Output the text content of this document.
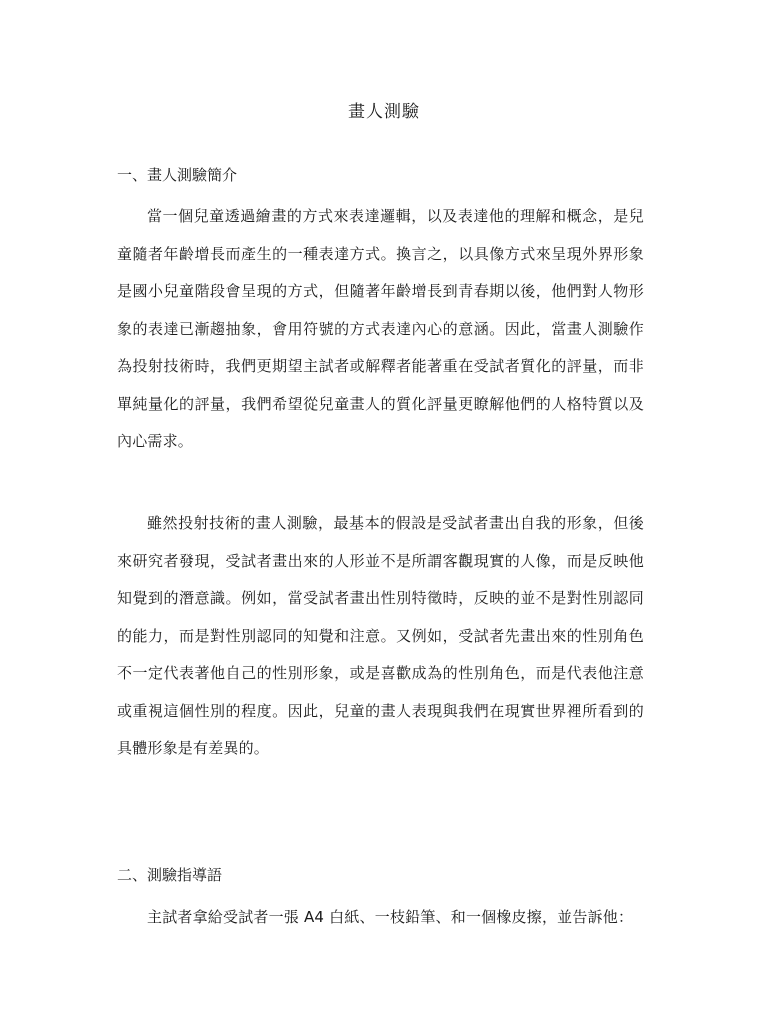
畫人測驗
一、畫人測驗簡介

當一個兒童透過繪畫的方式來表達邏輯，以及表達他的理解和概念，是兒童隨者年齡增長而產生的一種表達方式。換言之，以具像方式來呈現外界形象是國小兒童階段會呈現的方式，但隨著年齡增長到青春期以後，他們對人物形象的表達已漸趨抽象，會用符號的方式表達內心的意涵。因此，當畫人測驗作為投射技術時，我們更期望主試者或解釋者能著重在受試者質化的評量，而非單純量化的評量，我們希望從兒童畫人的質化評量更瞭解他們的人格特質以及內心需求。

雖然投射技術的畫人測驗，最基本的假設是受試者畫出自我的形象，但後來研究者發現，受試者畫出來的人形並不是所謂客觀現實的人像，而是反映他知覺到的潛意識。例如，當受試者畫出性別特徵時，反映的並不是對性別認同的能力，而是對性別認同的知覺和注意。又例如，受試者先畫出來的性別角色不一定代表著他自己的性別形象，或是喜歡成為的性別角色，而是代表他注意或重視這個性別的程度。因此，兒童的畫人表現與我們在現實世界裡所看到的具體形象是有差異的。

二、測驗指導語

主試者拿給受試者一張 A4 白紙、一枝鉛筆、和一個橡皮擦，並告訴他：
